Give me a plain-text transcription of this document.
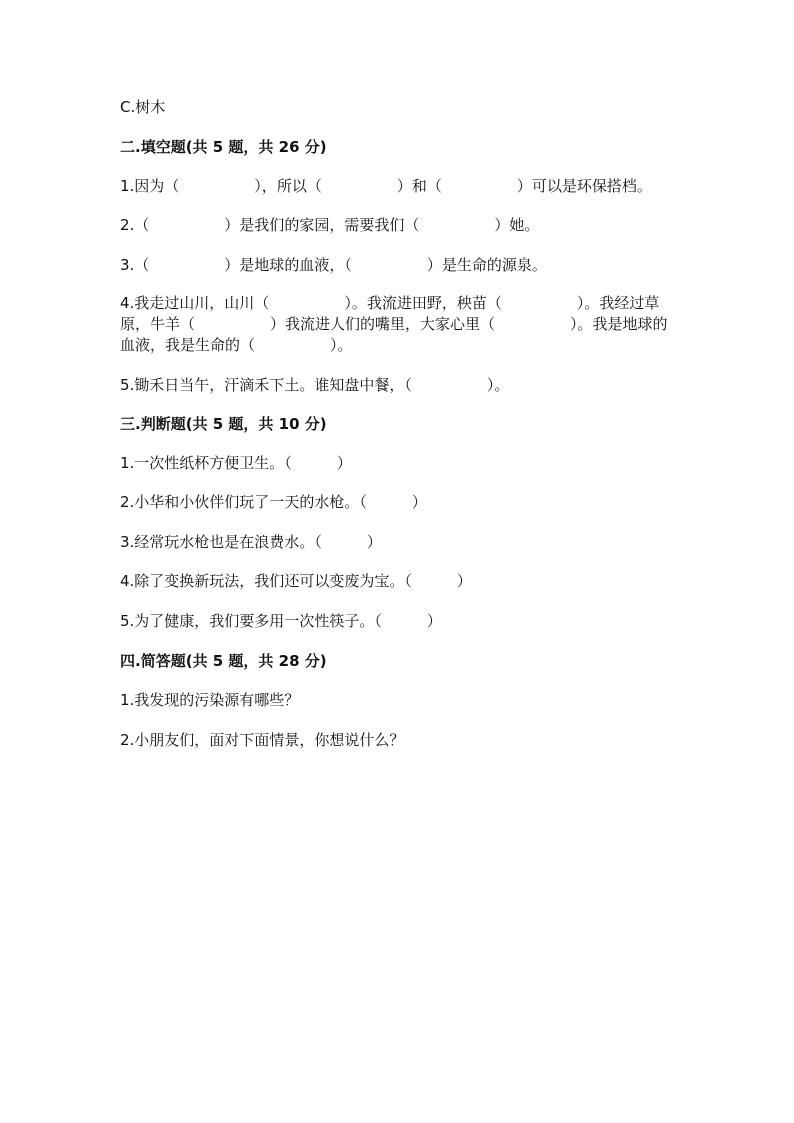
C.树木
二.填空题(共 5 题，共 26 分)
1.因为（　　　　　），所以（　　　　　）和（　　　　　）可以是环保搭档。
2.（　　　　　）是我们的家园，需要我们（　　　　　）她。
3.（　　　　　）是地球的血液，（　　　　　）是生命的源泉。
4.我走过山川，山川（　　　　　）。我流进田野，秧苗（　　　　　）。我经过草原，牛羊（　　　　　）我流进人们的嘴里，大家心里（　　　　　）。我是地球的血液，我是生命的（　　　　　）。
5.锄禾日当午，汗滴禾下土。谁知盘中餐，（　　　　　）。
三.判断题(共 5 题，共 10 分)
1.一次性纸杯方便卫生。（　　　）
2.小华和小伙伴们玩了一天的水枪。（　　　）
3.经常玩水枪也是在浪费水。（　　　）
4.除了变换新玩法，我们还可以变废为宝。（　　　）
5.为了健康，我们要多用一次性筷子。（　　　）
四.简答题(共 5 题，共 28 分)
1.我发现的污染源有哪些？
2.小朋友们，面对下面情景，你想说什么？
